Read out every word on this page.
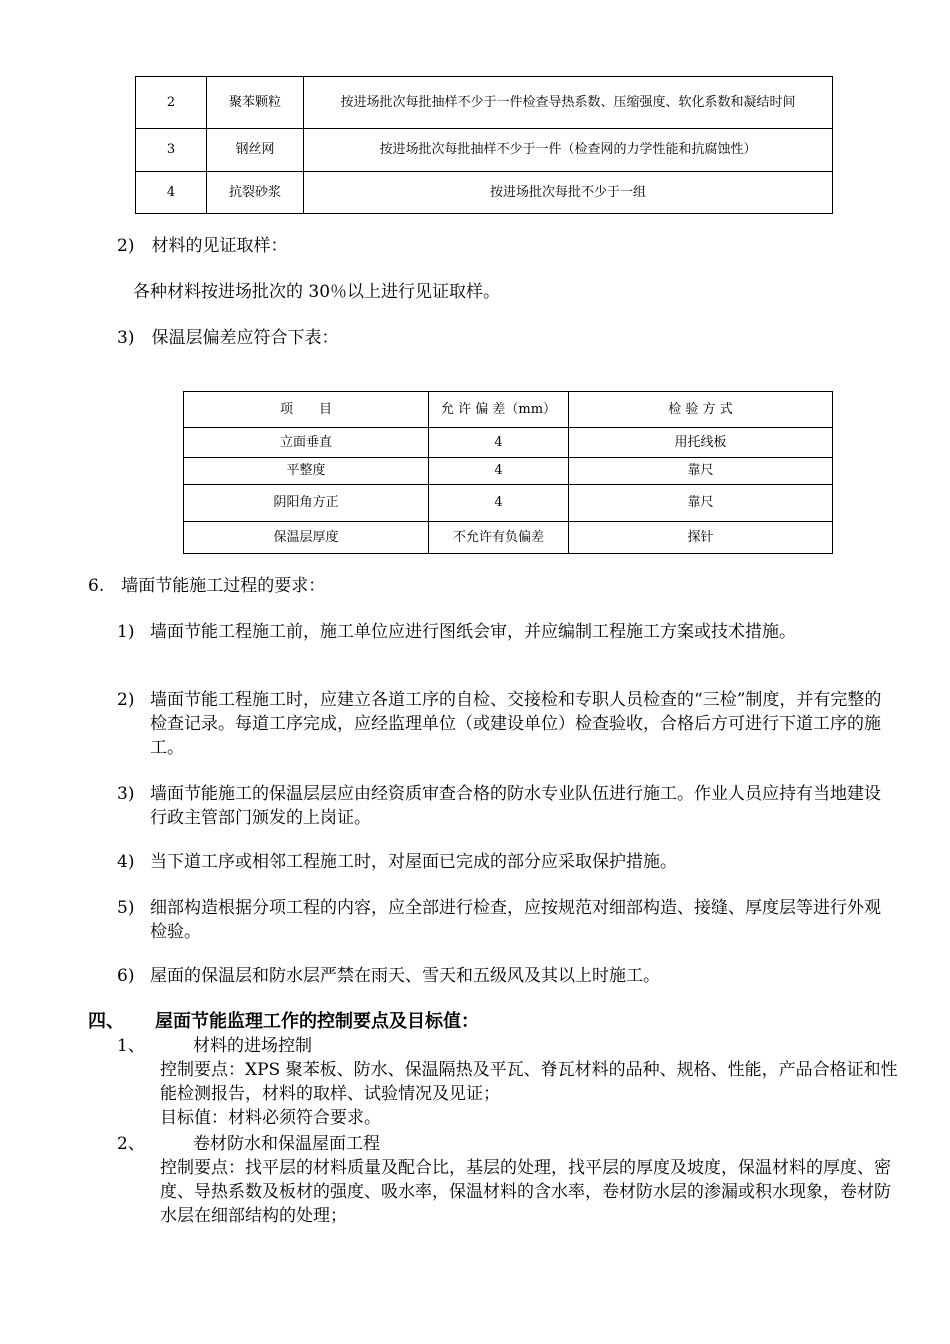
2	聚苯颗粒	按进场批次每批抽样不少于一件检查导热系数、压缩强度、软化系数和凝结时间
3	钢丝网	按进场批次每批抽样不少于一件（检查网的力学性能和抗腐蚀性）
4	抗裂砂浆	按进场批次每批不少于一组
2)　材料的见证取样：
各种材料按进场批次的 30％以上进行见证取样。
3)　保温层偏差应符合下表：
项　　目	允 许 偏 差（mm）	检 验 方 式
立面垂直	4	用托线板
平整度	4	靠尺
阴阳角方正	4	靠尺
保温层厚度	不允许有负偏差	探针
6.　墙面节能施工过程的要求：
1) 墙面节能工程施工前，施工单位应进行图纸会审，并应编制工程施工方案或技术措施。
2) 墙面节能工程施工时，应建立各道工序的自检、交接检和专职人员检查的“三检”制度，并有完整的检查记录。每道工序完成，应经监理单位（或建设单位）检查验收，合格后方可进行下道工序的施工。
3) 墙面节能施工的保温层层应由经资质审查合格的防水专业队伍进行施工。作业人员应持有当地建设行政主管部门颁发的上岗证。
4) 当下道工序或相邻工程施工时，对屋面已完成的部分应采取保护措施。
5) 细部构造根据分项工程的内容，应全部进行检查，应按规范对细部构造、接缝、厚度层等进行外观检验。
6) 屋面的保温层和防水层严禁在雨天、雪天和五级风及其以上时施工。
四、 屋面节能监理工作的控制要点及目标值：
1、	材料的进场控制
控制要点：XPS 聚苯板、防水、保温隔热及平瓦、脊瓦材料的品种、规格、性能，产品合格证和性能检测报告，材料的取样、试验情况及见证；
目标值：材料必须符合要求。
2、	卷材防水和保温屋面工程
控制要点：找平层的材料质量及配合比，基层的处理，找平层的厚度及坡度，保温材料的厚度、密度、导热系数及板材的强度、吸水率，保温材料的含水率，卷材防水层的渗漏或积水现象，卷材防水层在细部结构的处理；
